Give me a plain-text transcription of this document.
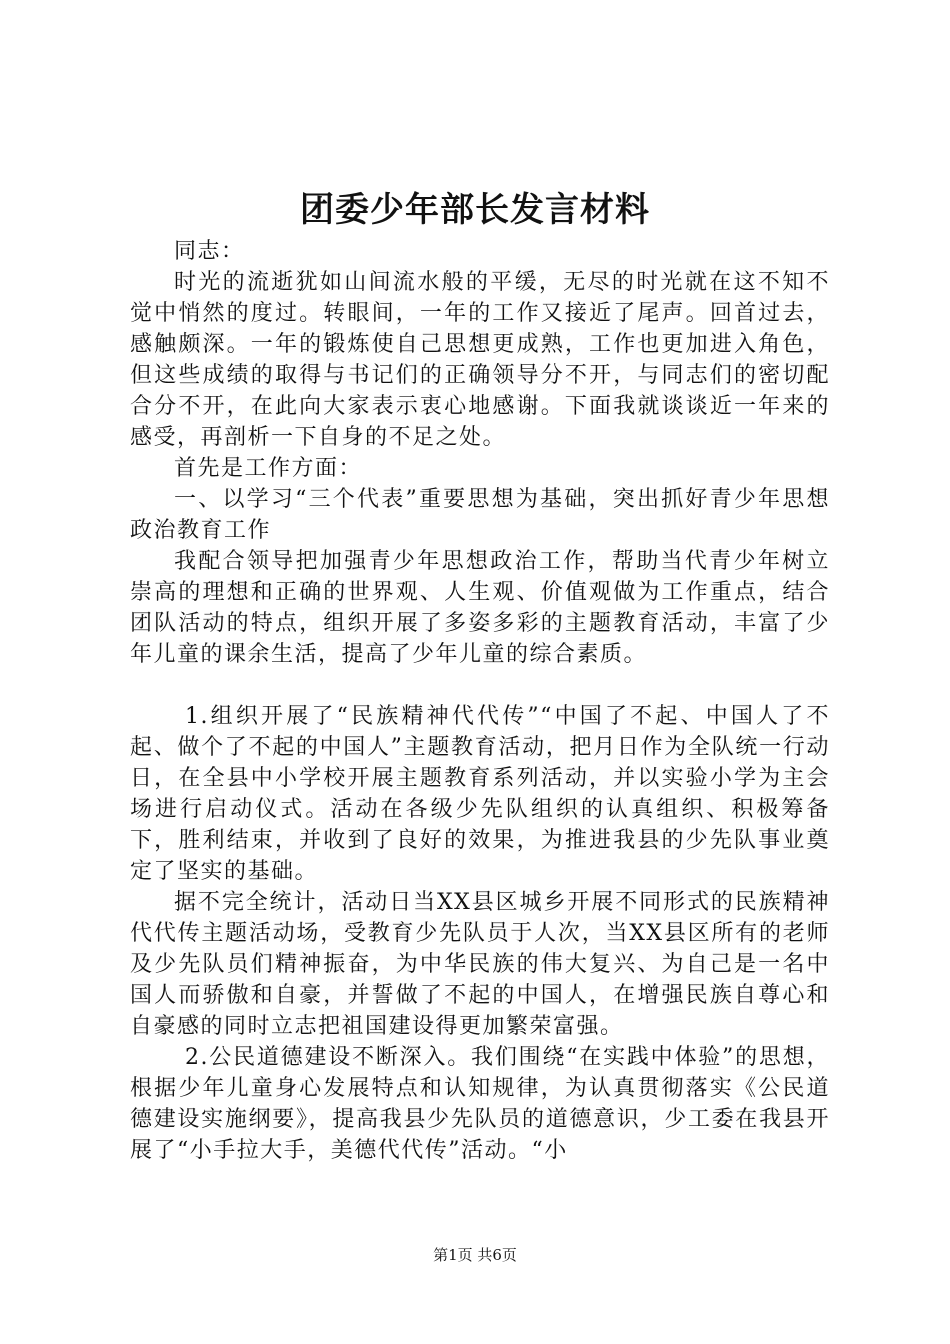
团委少年部长发言材料

同志：

时光的流逝犹如山间流水般的平缓，无尽的时光就在这不知不觉中悄然的度过。转眼间，一年的工作又接近了尾声。回首过去，感触颇深。一年的锻炼使自己思想更成熟，工作也更加进入角色，但这些成绩的取得与书记们的正确领导分不开，与同志们的密切配合分不开，在此向大家表示衷心地感谢。下面我就谈谈近一年来的感受，再剖析一下自身的不足之处。

首先是工作方面：

一、以学习“三个代表”重要思想为基础，突出抓好青少年思想政治教育工作

我配合领导把加强青少年思想政治工作，帮助当代青少年树立崇高的理想和正确的世界观、人生观、价值观做为工作重点，结合团队活动的特点，组织开展了多姿多彩的主题教育活动，丰富了少年儿童的课余生活，提高了少年儿童的综合素质。

1.组织开展了“民族精神代代传”“中国了不起、中国人了不起、做个了不起的中国人”主题教育活动，把月日作为全队统一行动日，在全县中小学校开展主题教育系列活动，并以实验小学为主会场进行启动仪式。活动在各级少先队组织的认真组织、积极筹备下，胜利结束，并收到了良好的效果，为推进我县的少先队事业奠定了坚实的基础。

据不完全统计，活动日当XX县区城乡开展不同形式的民族精神代代传主题活动场，受教育少先队员于人次，当XX县区所有的老师及少先队员们精神振奋，为中华民族的伟大复兴、为自己是一名中国人而骄傲和自豪，并誓做了不起的中国人，在增强民族自尊心和自豪感的同时立志把祖国建设得更加繁荣富强。

2.公民道德建设不断深入。我们围绕“在实践中体验”的思想，根据少年儿童身心发展特点和认知规律，为认真贯彻落实《公民道德建设实施纲要》，提高我县少先队员的道德意识，少工委在我县开展了“小手拉大手，美德代代传”活动。“小

第1页 共6页
